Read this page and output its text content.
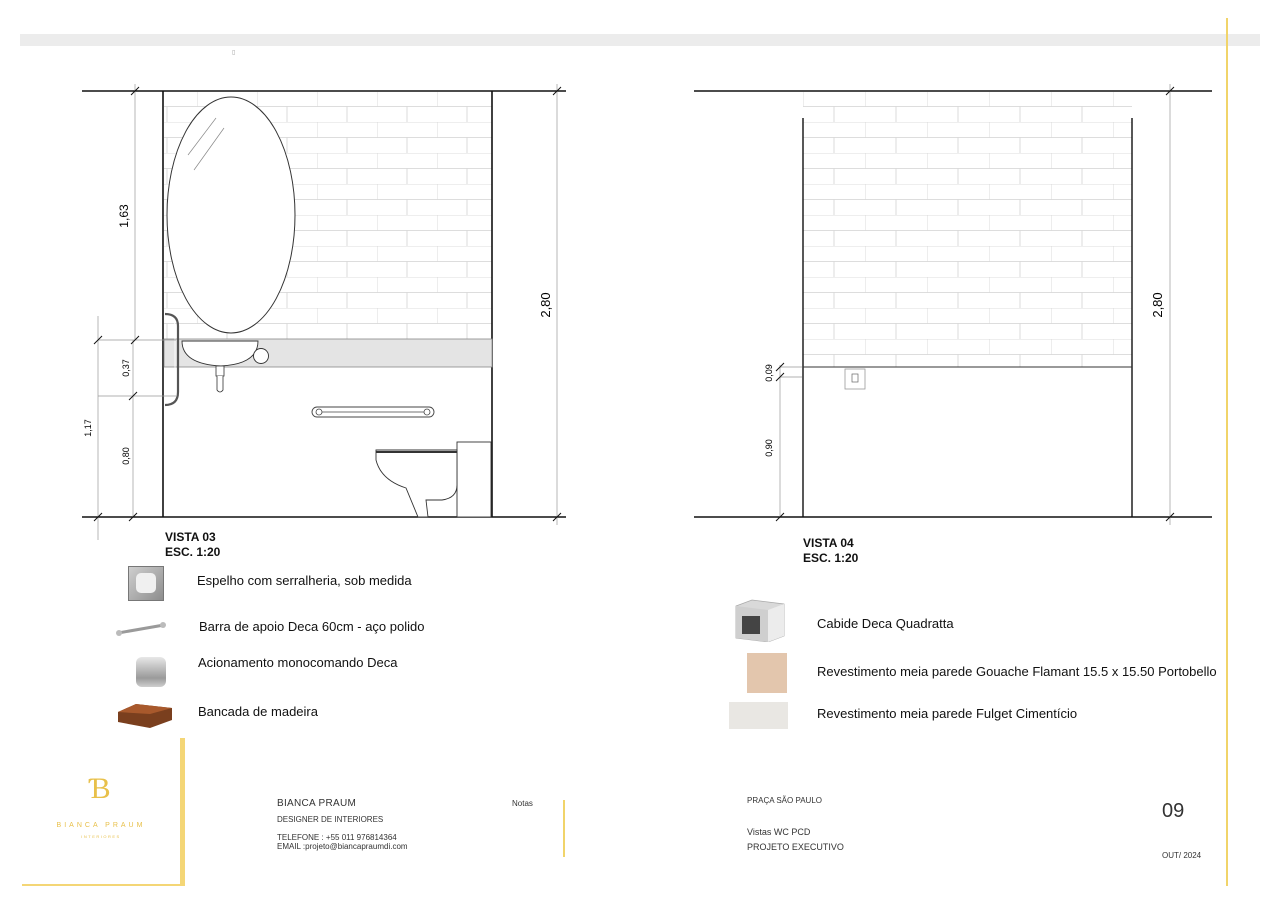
▯
1,63
0,37
1,17
0,80
2,80
VISTA 03
ESC. 1:20
0,09
0,90
2,80
VISTA 04
ESC. 1:20
Espelho com serralheria, sob medida
Barra de apoio Deca 60cm - aço polido
Acionamento monocomando Deca
Bancada de madeira
Cabide Deca Quadratta
Revestimento meia parede Gouache Flamant 15.5 x 15.50 Portobello
Revestimento meia parede Fulget Cimentício
Ɓ
BIANCA PRAUM
INTERIORES
BIANCA PRAUM
DESIGNER DE INTERIORES
TELEFONE : +55 011 976814364
EMAIL :projeto@biancapraumdi.com
Notas	PRAÇA SÃO PAULO
Vistas WC PCD
PROJETO EXECUTIVO
09
OUT/ 2024
